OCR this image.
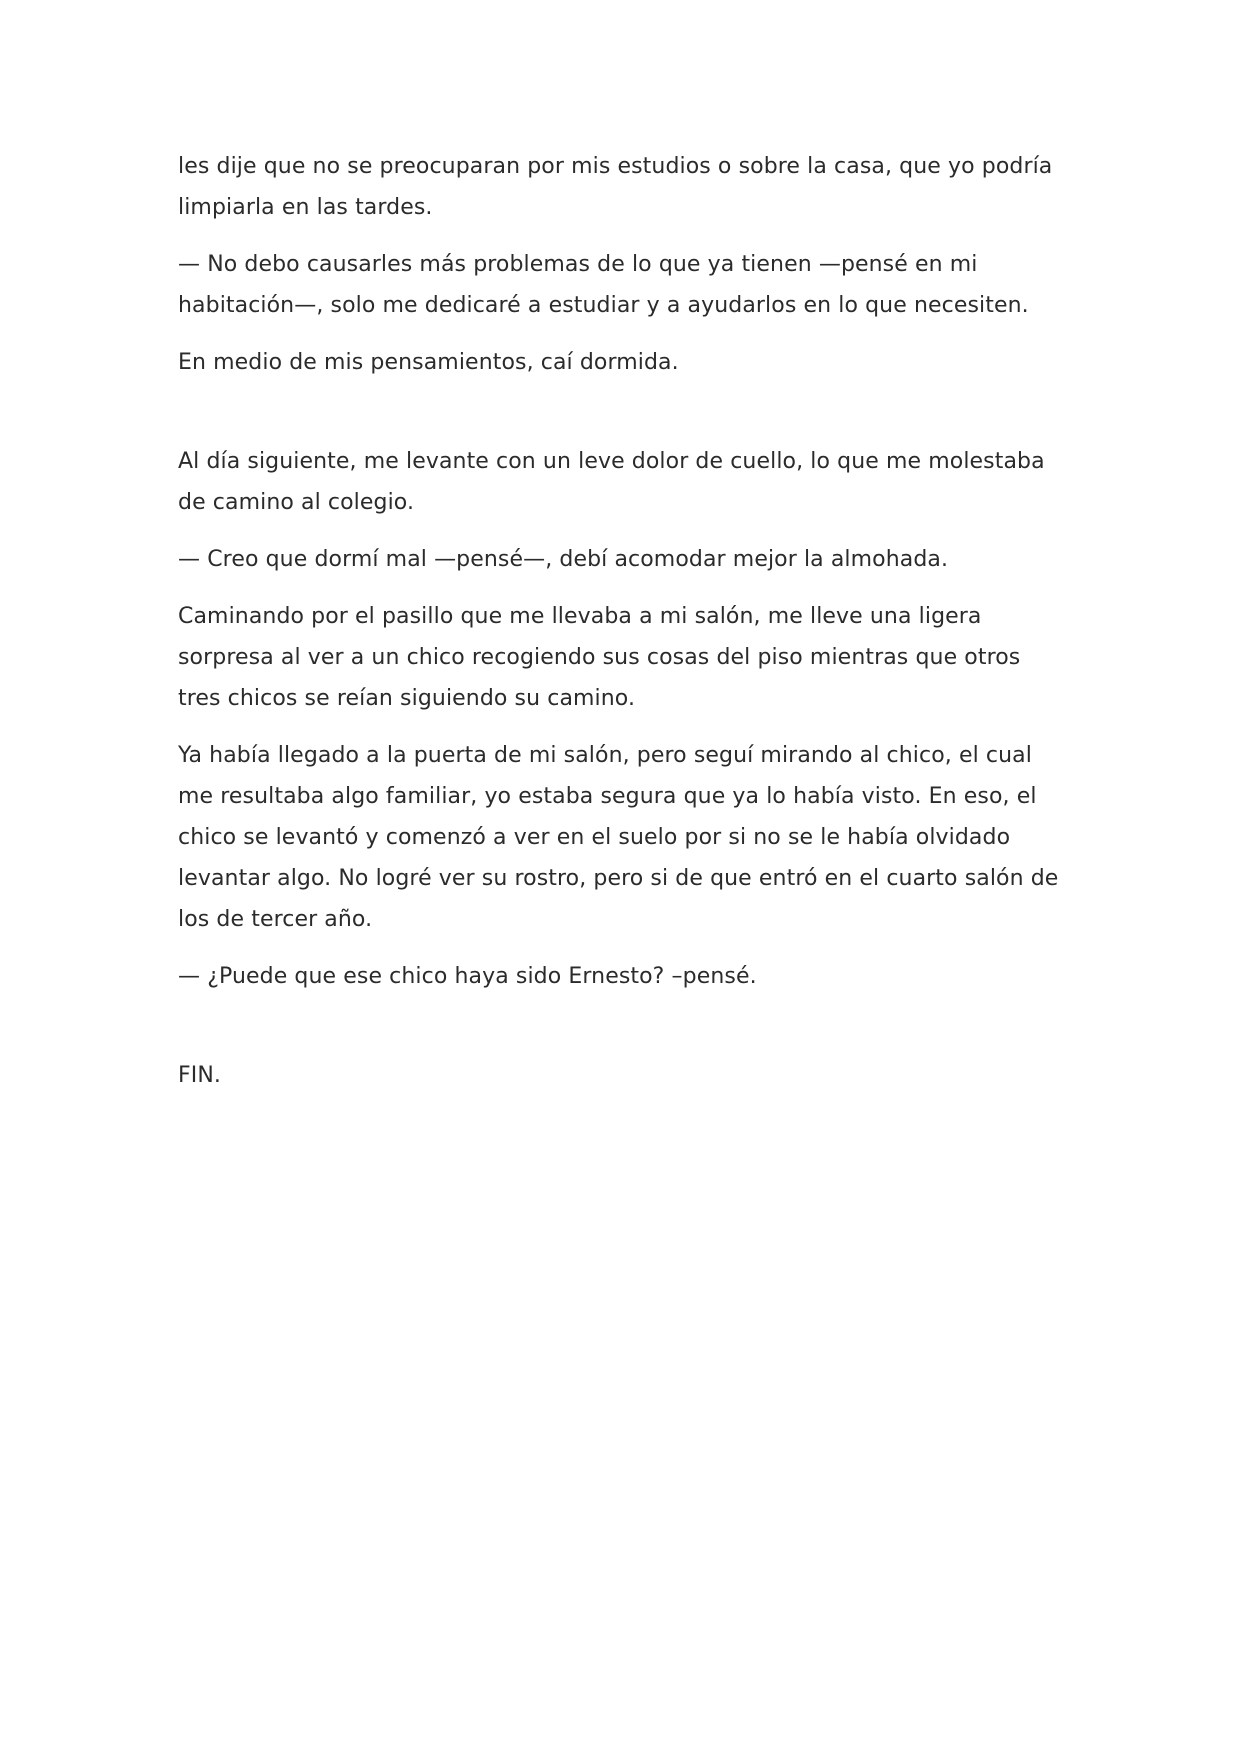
les dije que no se preocuparan por mis estudios o sobre la casa, que yo podría limpiarla en las tardes.

— No debo causarles más problemas de lo que ya tienen —pensé en mi habitación—, solo me dedicaré a estudiar y a ayudarlos en lo que necesiten.

En medio de mis pensamientos, caí dormida.

Al día siguiente, me levante con un leve dolor de cuello, lo que me molestaba de camino al colegio.

— Creo que dormí mal —pensé—, debí acomodar mejor la almohada.

Caminando por el pasillo que me llevaba a mi salón, me lleve una ligera sorpresa al ver a un chico recogiendo sus cosas del piso mientras que otros tres chicos se reían siguiendo su camino.

Ya había llegado a la puerta de mi salón, pero seguí mirando al chico, el cual me resultaba algo familiar, yo estaba segura que ya lo había visto. En eso, el chico se levantó y comenzó a ver en el suelo por si no se le había olvidado levantar algo. No logré ver su rostro, pero si de que entró en el cuarto salón de los de tercer año.

— ¿Puede que ese chico haya sido Ernesto? –pensé.

FIN.
